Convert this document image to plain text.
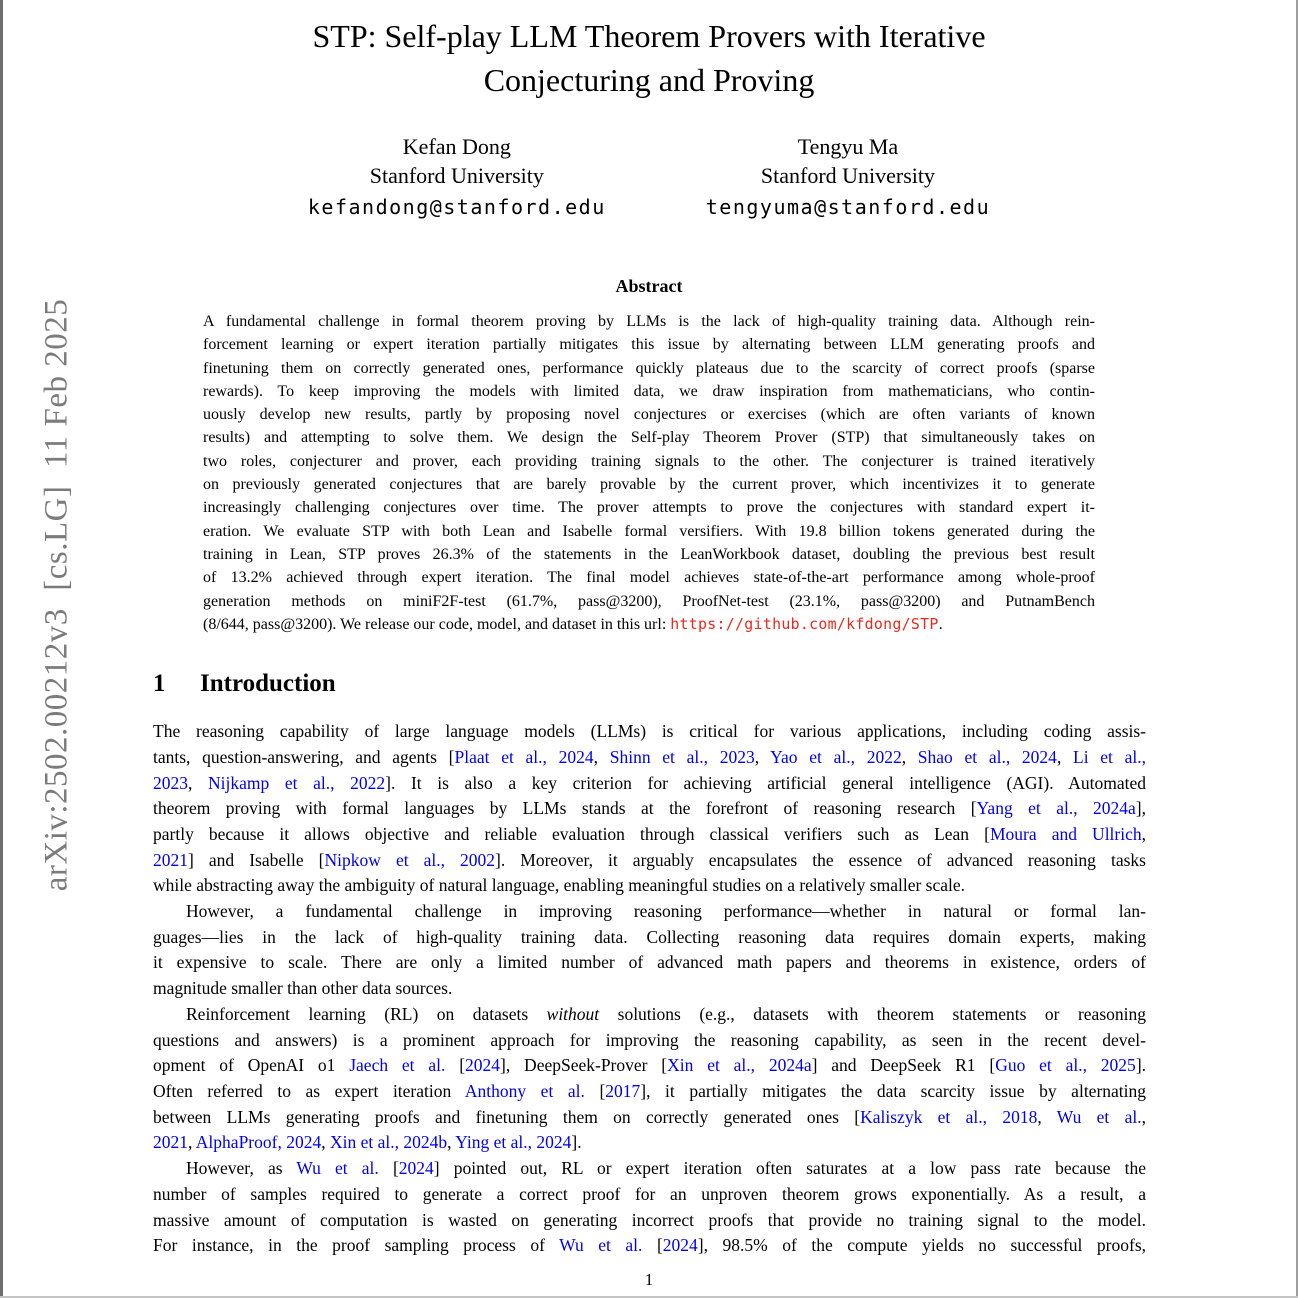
arXiv:2502.00212v3  [cs.LG]  11 Feb 2025
STP: Self-play LLM Theorem Provers with Iterative
Conjecturing and Proving
Kefan Dong
Stanford University
kefandong@stanford.edu
Tengyu Ma
Stanford University
tengyuma@stanford.edu
Abstract
A fundamental challenge in formal theorem proving by LLMs is the lack of high-quality training data. Although rein-
forcement learning or expert iteration partially mitigates this issue by alternating between LLM generating proofs and
finetuning them on correctly generated ones, performance quickly plateaus due to the scarcity of correct proofs (sparse
rewards). To keep improving the models with limited data, we draw inspiration from mathematicians, who contin-
uously develop new results, partly by proposing novel conjectures or exercises (which are often variants of known
results) and attempting to solve them. We design the Self-play Theorem Prover (STP) that simultaneously takes on
two roles, conjecturer and prover, each providing training signals to the other. The conjecturer is trained iteratively
on previously generated conjectures that are barely provable by the current prover, which incentivizes it to generate
increasingly challenging conjectures over time. The prover attempts to prove the conjectures with standard expert it-
eration. We evaluate STP with both Lean and Isabelle formal versifiers. With 19.8 billion tokens generated during the
training in Lean, STP proves 26.3% of the statements in the LeanWorkbook dataset, doubling the previous best result
of 13.2% achieved through expert iteration. The final model achieves state-of-the-art performance among whole-proof
generation methods on miniF2F-test (61.7%, pass@3200), ProofNet-test (23.1%, pass@3200) and PutnamBench
(8/644, pass@3200). We release our code, model, and dataset in this url: https://github.com/kfdong/STP.
1 Introduction
The reasoning capability of large language models (LLMs) is critical for various applications, including coding assis-
tants, question-answering, and agents [Plaat et al., 2024, Shinn et al., 2023, Yao et al., 2022, Shao et al., 2024, Li et al.,
2023, Nijkamp et al., 2022]. It is also a key criterion for achieving artificial general intelligence (AGI). Automated
theorem proving with formal languages by LLMs stands at the forefront of reasoning research [Yang et al., 2024a],
partly because it allows objective and reliable evaluation through classical verifiers such as Lean [Moura and Ullrich,
2021] and Isabelle [Nipkow et al., 2002]. Moreover, it arguably encapsulates the essence of advanced reasoning tasks
while abstracting away the ambiguity of natural language, enabling meaningful studies on a relatively smaller scale.
However, a fundamental challenge in improving reasoning performance—whether in natural or formal lan-
guages—lies in the lack of high-quality training data. Collecting reasoning data requires domain experts, making
it expensive to scale. There are only a limited number of advanced math papers and theorems in existence, orders of
magnitude smaller than other data sources.
Reinforcement learning (RL) on datasets without solutions (e.g., datasets with theorem statements or reasoning
questions and answers) is a prominent approach for improving the reasoning capability, as seen in the recent devel-
opment of OpenAI o1 Jaech et al. [2024], DeepSeek-Prover [Xin et al., 2024a] and DeepSeek R1 [Guo et al., 2025].
Often referred to as expert iteration Anthony et al. [2017], it partially mitigates the data scarcity issue by alternating
between LLMs generating proofs and finetuning them on correctly generated ones [Kaliszyk et al., 2018, Wu et al.,
2021, AlphaProof, 2024, Xin et al., 2024b, Ying et al., 2024].
However, as Wu et al. [2024] pointed out, RL or expert iteration often saturates at a low pass rate because the
number of samples required to generate a correct proof for an unproven theorem grows exponentially. As a result, a
massive amount of computation is wasted on generating incorrect proofs that provide no training signal to the model.
For instance, in the proof sampling process of Wu et al. [2024], 98.5% of the compute yields no successful proofs,
1
